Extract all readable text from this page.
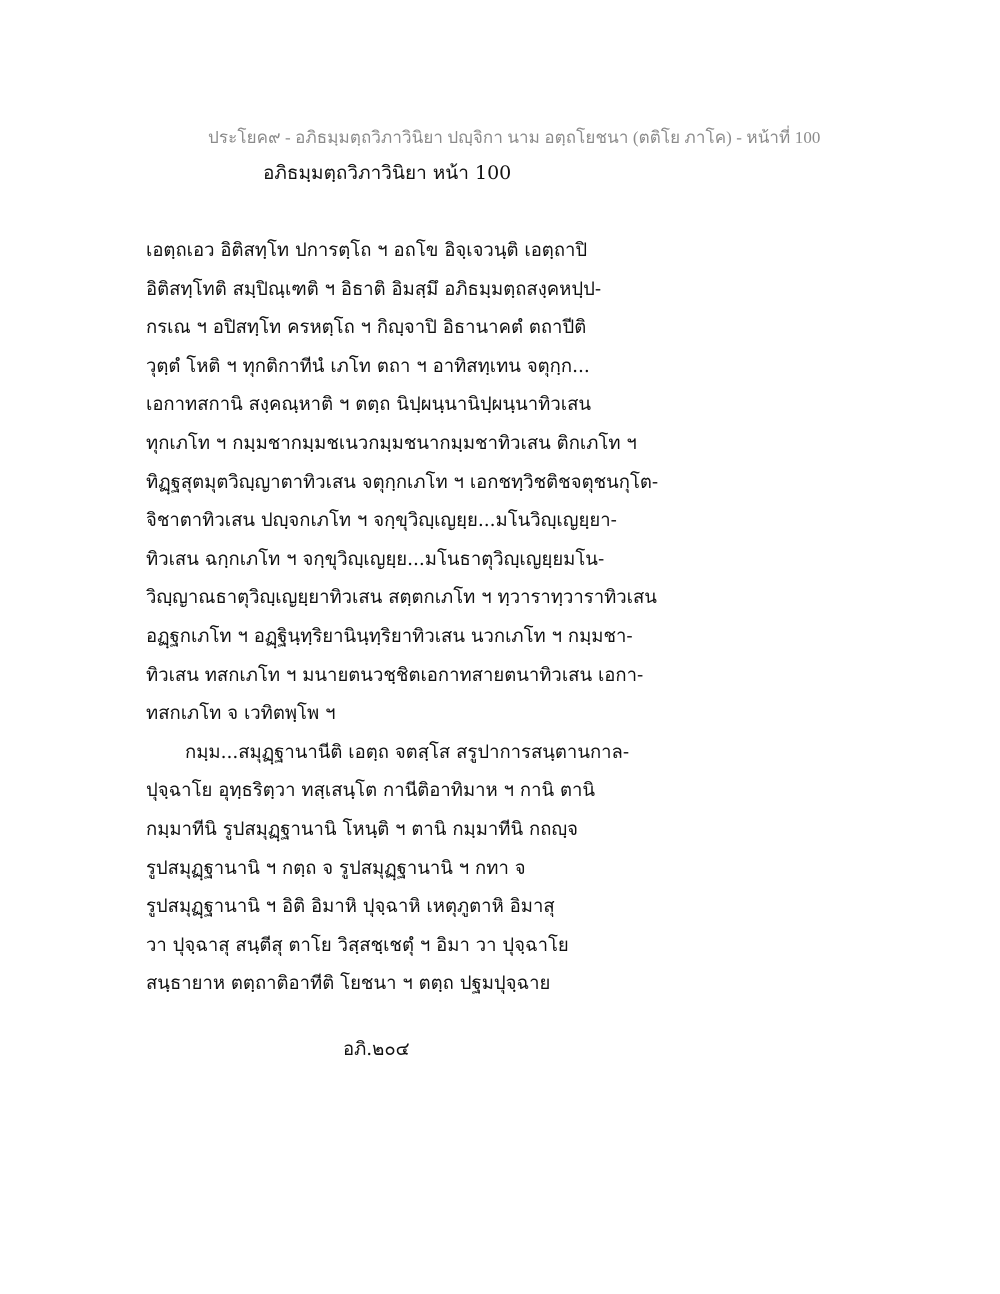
ประโยค๙ - อภิธมฺมตฺถวิภาวินิยา ปญฺจิกา นาม อตฺถโยชนา (ตติโย ภาโค) - หน้าที่ 100
อภิธมฺมตฺถวิภาวินิยา หน้า 100
เอตฺถเอว อิติสทฺโท ปการตฺโถ ฯ อถโข อิจฺเจวนฺติ เอตฺถาปิ
อิติสทฺโทติ สมฺปิณฺเฑติ ฯ อิธาติ อิมสฺมึ อภิธมฺมตฺถสงฺคหปฺป-
กรเณ ฯ อปิสทฺโท ครหตฺโถ ฯ กิญฺจาปิ อิธานาคตํ ตถาปีติ
วุตฺตํ โหติ ฯ ทุกติกาทีนํ เภโท ตถา ฯ อาทิสทฺเทน จตุกฺก...
เอกาทสกานิ สงฺคณฺหาติ ฯ ตตฺถ นิปฺผนฺนานิปฺผนฺนาทิวเสน
ทุกเภโท ฯ กมฺมชากมฺมชเนวกมฺมชนากมฺมชาทิวเสน ติกเภโท ฯ
ทิฏฺฐสุตมุตวิญฺญาตาทิวเสน จตุกฺกเภโท ฯ เอกชทฺวิชติชจตุชนกุโต-
จิชาตาทิวเสน ปญฺจกเภโท ฯ จกฺขุวิญฺเญยฺย...มโนวิญฺเญยฺยา-
ทิวเสน ฉกฺกเภโท ฯ จกฺขุวิญฺเญยฺย...มโนธาตุวิญฺเญยฺยมโน-
วิญฺญาณธาตุวิญฺเญยฺยาทิวเสน สตฺตกเภโท ฯ ทฺวาราทฺวาราทิวเสน
อฏฺฐกเภโท ฯ อฏฺฐินฺทฺริยานินฺทฺริยาทิวเสน นวกเภโท ฯ กมฺมชา-
ทิวเสน ทสกเภโท ฯ มนายตนวชฺชิตเอกาทสายตนาทิวเสน เอกา-
ทสกเภโท จ เวทิตพฺโพ ฯ
กมฺม...สมุฏฺฐานานีติ เอตฺถ จตสฺโส สรูปาการสนฺตานกาล-
ปุจฺฉาโย อุทฺธริตฺวา ทสฺเสนฺโต กานีติอาทิมาห ฯ กานิ ตานิ
กมฺมาทีนิ รูปสมุฏฺฐานานิ โหนฺติ ฯ ตานิ กมฺมาทีนิ กถญฺจ
รูปสมุฏฺฐานานิ ฯ กตฺถ จ รูปสมุฏฺฐานานิ ฯ กทา จ
รูปสมุฏฺฐานานิ ฯ อิติ อิมาหิ ปุจฺฉาหิ เหตุภูตาหิ อิมาสุ
วา ปุจฺฉาสุ สนฺตีสุ ตาโย วิสฺสชฺเชตุํ ฯ อิมา วา ปุจฺฉาโย
สนฺธายาห ตตฺถาติอาทีติ โยชนา ฯ ตตฺถ ปฐมปุจฺฉาย
อภิ.๒๐๔
